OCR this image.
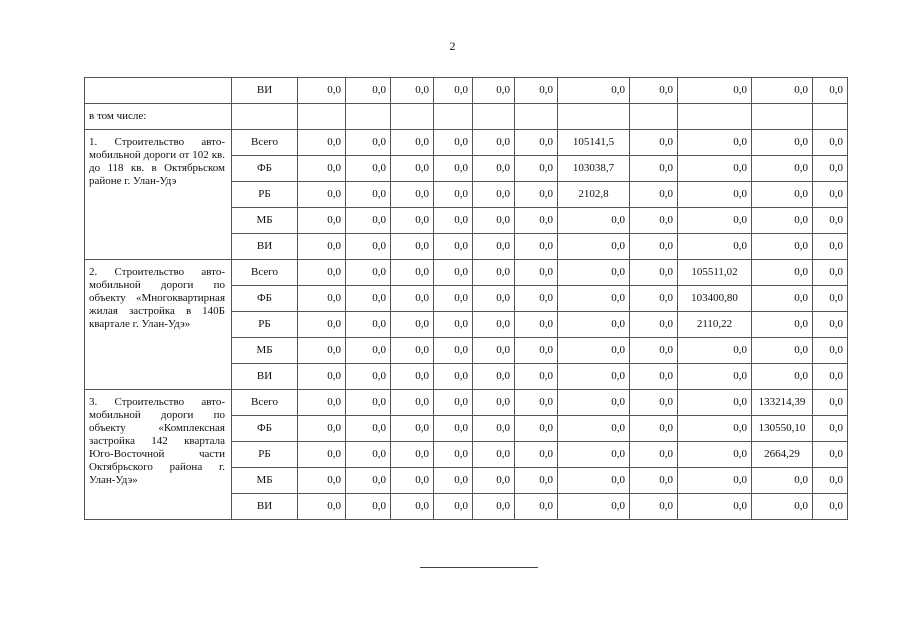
2
	ВИ	0,0	0,0	0,0	0,0	0,0	0,0	0,0	0,0	0,0	0,0	0,0
в том числе:												
1. Строительство автомобильной дороги от 102 кв. до 118 кв. в Октябрьском районе г. Улан-Удэ	Всего	0,0	0,0	0,0	0,0	0,0	0,0	105141,5	0,0	0,0	0,0	0,0
	ФБ	0,0	0,0	0,0	0,0	0,0	0,0	103038,7	0,0	0,0	0,0	0,0
	РБ	0,0	0,0	0,0	0,0	0,0	0,0	2102,8	0,0	0,0	0,0	0,0
	МБ	0,0	0,0	0,0	0,0	0,0	0,0	0,0	0,0	0,0	0,0	0,0
	ВИ	0,0	0,0	0,0	0,0	0,0	0,0	0,0	0,0	0,0	0,0	0,0
2. Строительство автомобильной дороги по объекту «Многоквартирная жилая застройка в 140Б квартале г. Улан-Удэ»	Всего	0,0	0,0	0,0	0,0	0,0	0,0	0,0	0,0	105511,02	0,0	0,0
	ФБ	0,0	0,0	0,0	0,0	0,0	0,0	0,0	0,0	103400,80	0,0	0,0
	РБ	0,0	0,0	0,0	0,0	0,0	0,0	0,0	0,0	2110,22	0,0	0,0
	МБ	0,0	0,0	0,0	0,0	0,0	0,0	0,0	0,0	0,0	0,0	0,0
	ВИ	0,0	0,0	0,0	0,0	0,0	0,0	0,0	0,0	0,0	0,0	0,0
3. Строительство автомобильной дороги по объекту «Комплексная застройка 142 квартала Юго-Восточной части Октябрьского района г. Улан-Удэ»	Всего	0,0	0,0	0,0	0,0	0,0	0,0	0,0	0,0	0,0	133214,39	0,0
	ФБ	0,0	0,0	0,0	0,0	0,0	0,0	0,0	0,0	0,0	130550,10	0,0
	РБ	0,0	0,0	0,0	0,0	0,0	0,0	0,0	0,0	0,0	2664,29	0,0
	МБ	0,0	0,0	0,0	0,0	0,0	0,0	0,0	0,0	0,0	0,0	0,0
	ВИ	0,0	0,0	0,0	0,0	0,0	0,0	0,0	0,0	0,0	0,0	0,0
